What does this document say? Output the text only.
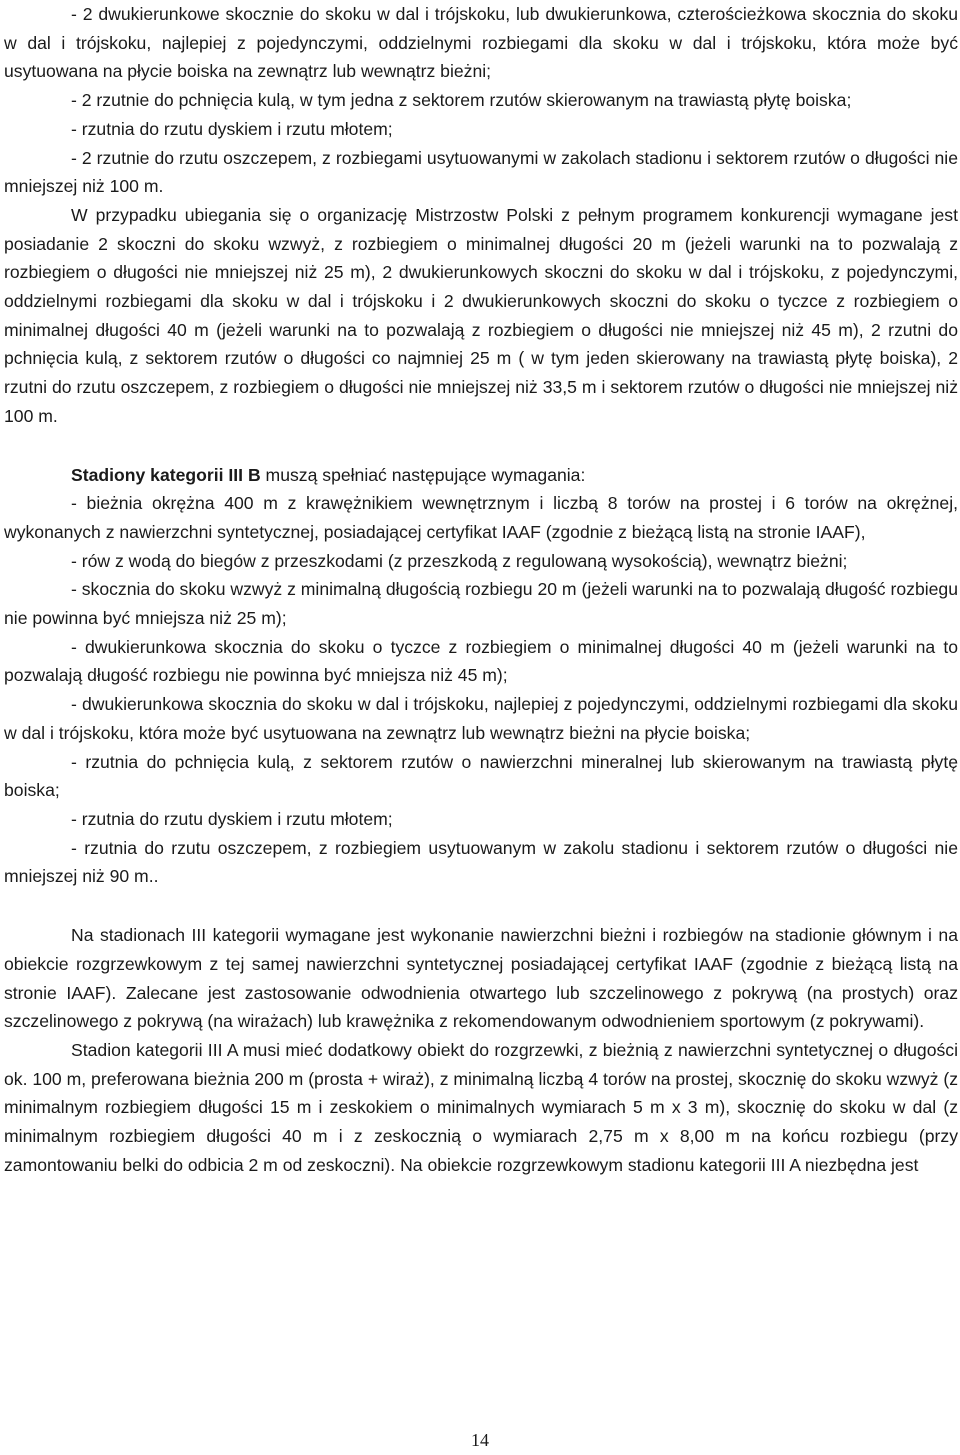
- 2 dwukierunkowe skocznie do skoku w dal i trójskoku, lub dwukierunkowa, czterościeżkowa skocznia do skoku w dal i trójskoku, najlepiej z pojedynczymi, oddzielnymi rozbiegami dla skoku w dal i trójskoku, która może być usytuowana na płycie boiska na zewnątrz lub wewnątrz bieżni;

- 2 rzutnie do pchnięcia kulą, w tym jedna z sektorem rzutów skierowanym na trawiastą płytę boiska;

- rzutnia do rzutu dyskiem i rzutu młotem;

- 2 rzutnie do rzutu oszczepem, z rozbiegami usytuowanymi w zakolach stadionu i sektorem rzutów o długości nie mniejszej niż 100 m.

W przypadku ubiegania się o organizację Mistrzostw Polski z pełnym programem konkurencji wymagane jest posiadanie 2 skoczni do skoku wzwyż, z rozbiegiem o minimalnej długości 20 m (jeżeli warunki na to pozwalają z rozbiegiem o długości nie mniejszej niż 25 m), 2 dwukierunkowych skoczni do skoku w dal i trójskoku, z pojedynczymi, oddzielnymi rozbiegami dla skoku w dal i trójskoku i 2 dwukierunkowych skoczni do skoku o tyczce z rozbiegiem o minimalnej długości 40 m (jeżeli warunki na to pozwalają z rozbiegiem o długości nie mniejszej niż 45 m), 2 rzutni do pchnięcia kulą, z sektorem rzutów o długości co najmniej 25 m ( w tym jeden skierowany na trawiastą płytę boiska), 2 rzutni do rzutu oszczepem, z rozbiegiem o długości nie mniejszej niż 33,5 m i sektorem rzutów o długości nie mniejszej niż 100 m.

Stadiony kategorii III B muszą spełniać następujące wymagania:

- bieżnia okrężna 400 m z krawężnikiem wewnętrznym i liczbą 8 torów na prostej i 6 torów na okrężnej, wykonanych z nawierzchni syntetycznej, posiadającej certyfikat IAAF (zgodnie z bieżącą listą na stronie IAAF),

- rów z wodą do biegów z przeszkodami (z przeszkodą z regulowaną wysokością), wewnątrz bieżni;

- skocznia do skoku wzwyż z minimalną długością rozbiegu 20 m (jeżeli warunki na to pozwalają długość rozbiegu nie powinna być mniejsza niż 25 m);

- dwukierunkowa skocznia do skoku o tyczce z rozbiegiem o minimalnej długości 40 m (jeżeli warunki na to pozwalają długość rozbiegu nie powinna być mniejsza niż 45 m);

- dwukierunkowa skocznia do skoku w dal i trójskoku, najlepiej z pojedynczymi, oddzielnymi rozbiegami dla skoku w dal i trójskoku, która może być usytuowana na zewnątrz lub wewnątrz bieżni na płycie boiska;

- rzutnia do pchnięcia kulą, z sektorem rzutów o nawierzchni mineralnej lub skierowanym na trawiastą płytę boiska;

- rzutnia do rzutu dyskiem i rzutu młotem;

- rzutnia do rzutu oszczepem, z rozbiegiem usytuowanym w zakolu stadionu i sektorem rzutów o długości nie mniejszej niż 90 m..

Na stadionach III kategorii wymagane jest wykonanie nawierzchni bieżni i rozbiegów na stadionie głównym i na obiekcie rozgrzewkowym z tej samej nawierzchni syntetycznej posiadającej certyfikat IAAF (zgodnie z bieżącą listą na stronie IAAF). Zalecane jest zastosowanie odwodnienia otwartego lub szczelinowego z pokrywą (na prostych) oraz szczelinowego z pokrywą (na wirażach) lub krawężnika z rekomendowanym odwodnieniem sportowym (z pokrywami).

Stadion kategorii III A musi mieć dodatkowy obiekt do rozgrzewki, z bieżnią z nawierzchni syntetycznej o długości ok. 100 m, preferowana bieżnia 200 m (prosta + wiraż), z minimalną liczbą 4 torów na prostej, skocznię do skoku wzwyż (z minimalnym rozbiegiem długości 15 m i zeskokiem o minimalnych wymiarach 5 m x 3 m), skocznię do skoku w dal (z minimalnym rozbiegiem długości 40 m i z zeskocznią o wymiarach 2,75 m x 8,00 m na końcu rozbiegu (przy zamontowaniu belki do odbicia 2 m od zeskoczni). Na obiekcie rozgrzewkowym stadionu kategorii III A niezbędna jest

14
